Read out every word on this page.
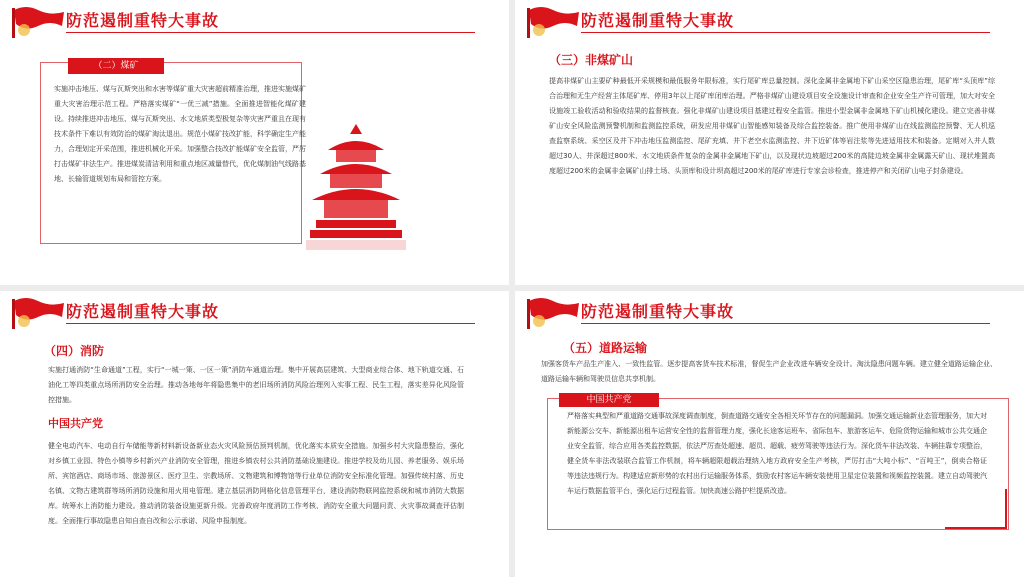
防范遏制重特大事故
（二）煤矿
实施冲击地压、煤与瓦斯突出和水害等煤矿重大灾害超前精准治理，推进实施煤矿重大灾害治理示范工程。严格落实煤矿“一优三减”措施。全面推进智能化煤矿建设。持续推进冲击地压、煤与瓦斯突出、水文地质类型极复杂等灾害严重且在现有技术条件下难以有效防治的煤矿淘汰退出。规范小煤矿技改扩能，科学确定生产能力，合理划定开采范围，推进机械化开采。加强整合技改扩能煤矿安全监管，严厉打击煤矿非法生产。推进煤炭清洁利用和重点地区减量替代，优化煤制油气线路基地、长输管道规划布局和管控方案。
防范遏制重特大事故
（三）非煤矿山
提高非煤矿山主要矿种最低开采规模和最低服务年限标准，实行尾矿库总量控制。深化金属非金属地下矿山采空区隐患治理，尾矿库“头顶库”综合治理和无生产经营主体尾矿库、停用3年以上尾矿库闭库治理。严格非煤矿山建设项目安全设施设计审查和企业安全生产许可管理，加大对安全设施竣工验收活动和验收结果的监督核查。强化非煤矿山建设项目基建过程安全监管。推进小型金属非金属地下矿山机械化建设。建立完善非煤矿山安全风险监测预警机制和监测监控系统，研发应用非煤矿山智能感知装备及综合监控装备。推广使用非煤矿山在线监测监控预警、无人机巡查监察系统、采空区及井下冲击地压监测监控、尾矿充填、井下老空水监测监控、井下近矿体等岩注浆等先进适用技术和装备。定期对入井人数超过30人、井深超过800米、水文地质条件复杂的金属非金属地下矿山，以及现状边坡超过200米的高陡边坡金属非金属露天矿山、现状堆置高度超过200米的金属非金属矿山排土场、头顶库和设计坝高超过200米的尾矿库进行专家会诊检查，推进停产和关闭矿山电子封条建设。
防范遏制重特大事故
（四）消防
实施打通消防“生命通道”工程，实行“一城一策、一区一策”消防车通道治理。集中开展高层建筑、大型商业综合体、地下轨道交通、石油化工等四类重点场所消防安全治理。推动各地每年将隐患集中的老旧场所消防风险治理列入实事工程、民生工程，落实差异化风险管控措施。
中国共产党
健全电动汽车、电动自行车储能等新材料新设备新业态火灾风险预估预判机制，优化落实本质安全措施。加强乡村大灾隐患整治，强化对乡镇工业园、特色小镇等乡村新兴产业消防安全管理，推进乡镇农村公共消防基础设施建设。推进学校及幼儿园、养老服务、娱乐场所、宾馆酒店、商场市场、旅游景区、医疗卫生、宗教场所、文物建筑和博物馆等行业单位消防安全标准化管理。加强传统村落、历史名镇、文物古建筑群等场所消防设施和用火用电管理。建立基层消防网格化信息管理平台，建设消防物联网监控系统和城市消防大数据库。统筹水上消防能力建设。推动消防装备设施更新升级。完善政府年度消防工作考核、消防安全重大问题问责、火灾事故调查评估制度。全面推行事故隐患自知自查自改和公示承诺、风险申报制度。
防范遏制重特大事故
（五）道路运输
加强客货车产品生产准入、一致性监管。逐步提高客货车技术标准，督促生产企业改进车辆安全设计。淘汰隐患问题车辆。建立健全道路运输企业、道路运输车辆和驾驶员信息共享机制。
中国共产党
严格落实典型和严重道路交通事故深度调查制度，倒查道路交通安全各相关环节存在的问题漏洞。加强交通运输新业态管理服务，加大对新能源公交车、新能源出租车运营安全性的监督管理力度，强化长途客运班车、省际包车、旅游客运车、危险货物运输和城市公共交通企业安全监管，综合应用各类监控数据，依法严厉查处超速、超员、超载、疲劳驾驶等违法行为。深化货车非法改装、车辆挂靠专项整治，健全货车非法改装联合监管工作机制，将车辆超限超载治理纳入地方政府安全生产考核，严厉打击“大吨小标”、“百吨王”，倒卖合格证等违法违规行为。构建适应新形势的农村出行运输服务体系，鼓励农村客运车辆安装使用卫星定位装置和视频监控装置。建立自动驾驶汽车运行数据监管平台，强化运行过程监管。加快高速公路护栏提质改造。
